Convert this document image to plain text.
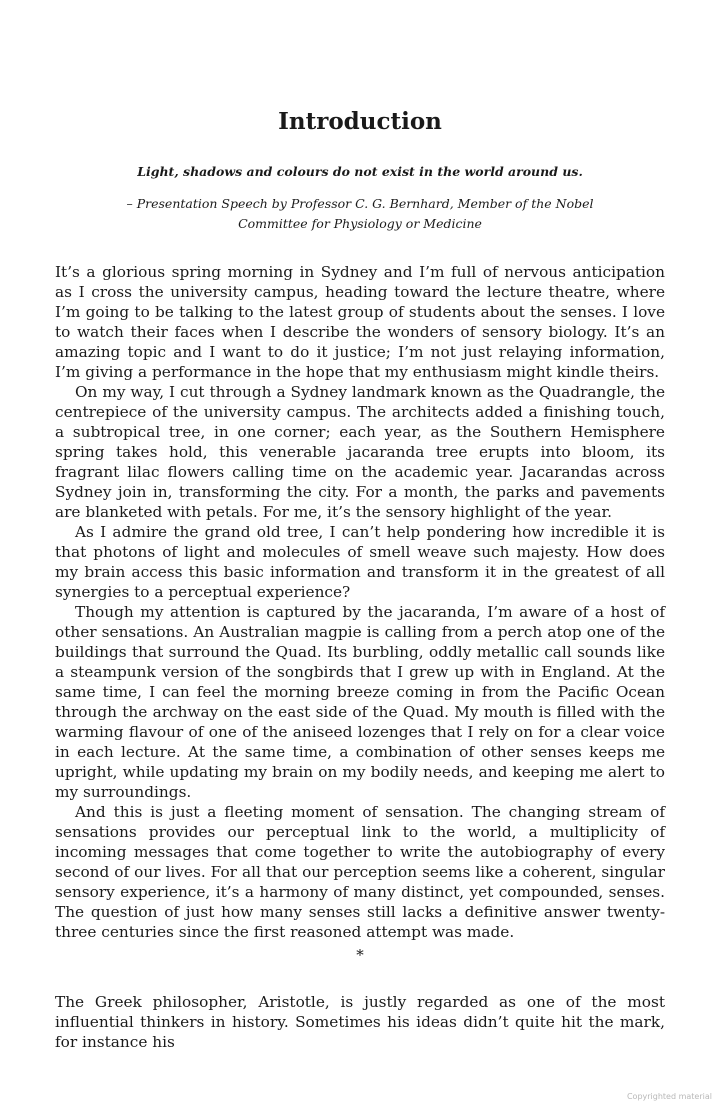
Introduction

Light, shadows and colours do not exist in the world around us.

– Presentation Speech by Professor C. G. Bernhard, Member of the Nobel Committee for Physiology or Medicine

It’s a glorious spring morning in Sydney and I’m full of nervous anticipation as I cross the university campus, heading toward the lecture theatre, where I’m going to be talking to the latest group of students about the senses. I love to watch their faces when I describe the wonders of sensory biology. It’s an amazing topic and I want to do it justice; I’m not just relaying information, I’m giving a performance in the hope that my enthusiasm might kindle theirs.

On my way, I cut through a Sydney landmark known as the Quadrangle, the centrepiece of the university campus. The architects added a finishing touch, a subtropical tree, in one corner; each year, as the Southern Hemisphere spring takes hold, this venerable jacaranda tree erupts into bloom, its fragrant lilac flowers calling time on the academic year. Jacarandas across Sydney join in, transforming the city. For a month, the parks and pavements are blanketed with petals. For me, it’s the sensory highlight of the year.

As I admire the grand old tree, I can’t help pondering how incredible it is that photons of light and molecules of smell weave such majesty. How does my brain access this basic information and transform it in the greatest of all synergies to a perceptual experience?

Though my attention is captured by the jacaranda, I’m aware of a host of other sensations. An Australian magpie is calling from a perch atop one of the buildings that surround the Quad. Its burbling, oddly metallic call sounds like a steampunk version of the songbirds that I grew up with in England. At the same time, I can feel the morning breeze coming in from the Pacific Ocean through the archway on the east side of the Quad. My mouth is filled with the warming flavour of one of the aniseed lozenges that I rely on for a clear voice in each lecture. At the same time, a combination of other senses keeps me upright, while updating my brain on my bodily needs, and keeping me alert to my surroundings.

And this is just a fleeting moment of sensation. The changing stream of sensations provides our perceptual link to the world, a multiplicity of incoming messages that come together to write the autobiography of every second of our lives. For all that our perception seems like a coherent, singular sensory experience, it’s a harmony of many distinct, yet compounded, senses. The question of just how many senses still lacks a definitive answer twenty-three centuries since the first reasoned attempt was made.

*

The Greek philosopher, Aristotle, is justly regarded as one of the most influential thinkers in history. Sometimes his ideas didn’t quite hit the mark, for instance his

Copyrighted material
